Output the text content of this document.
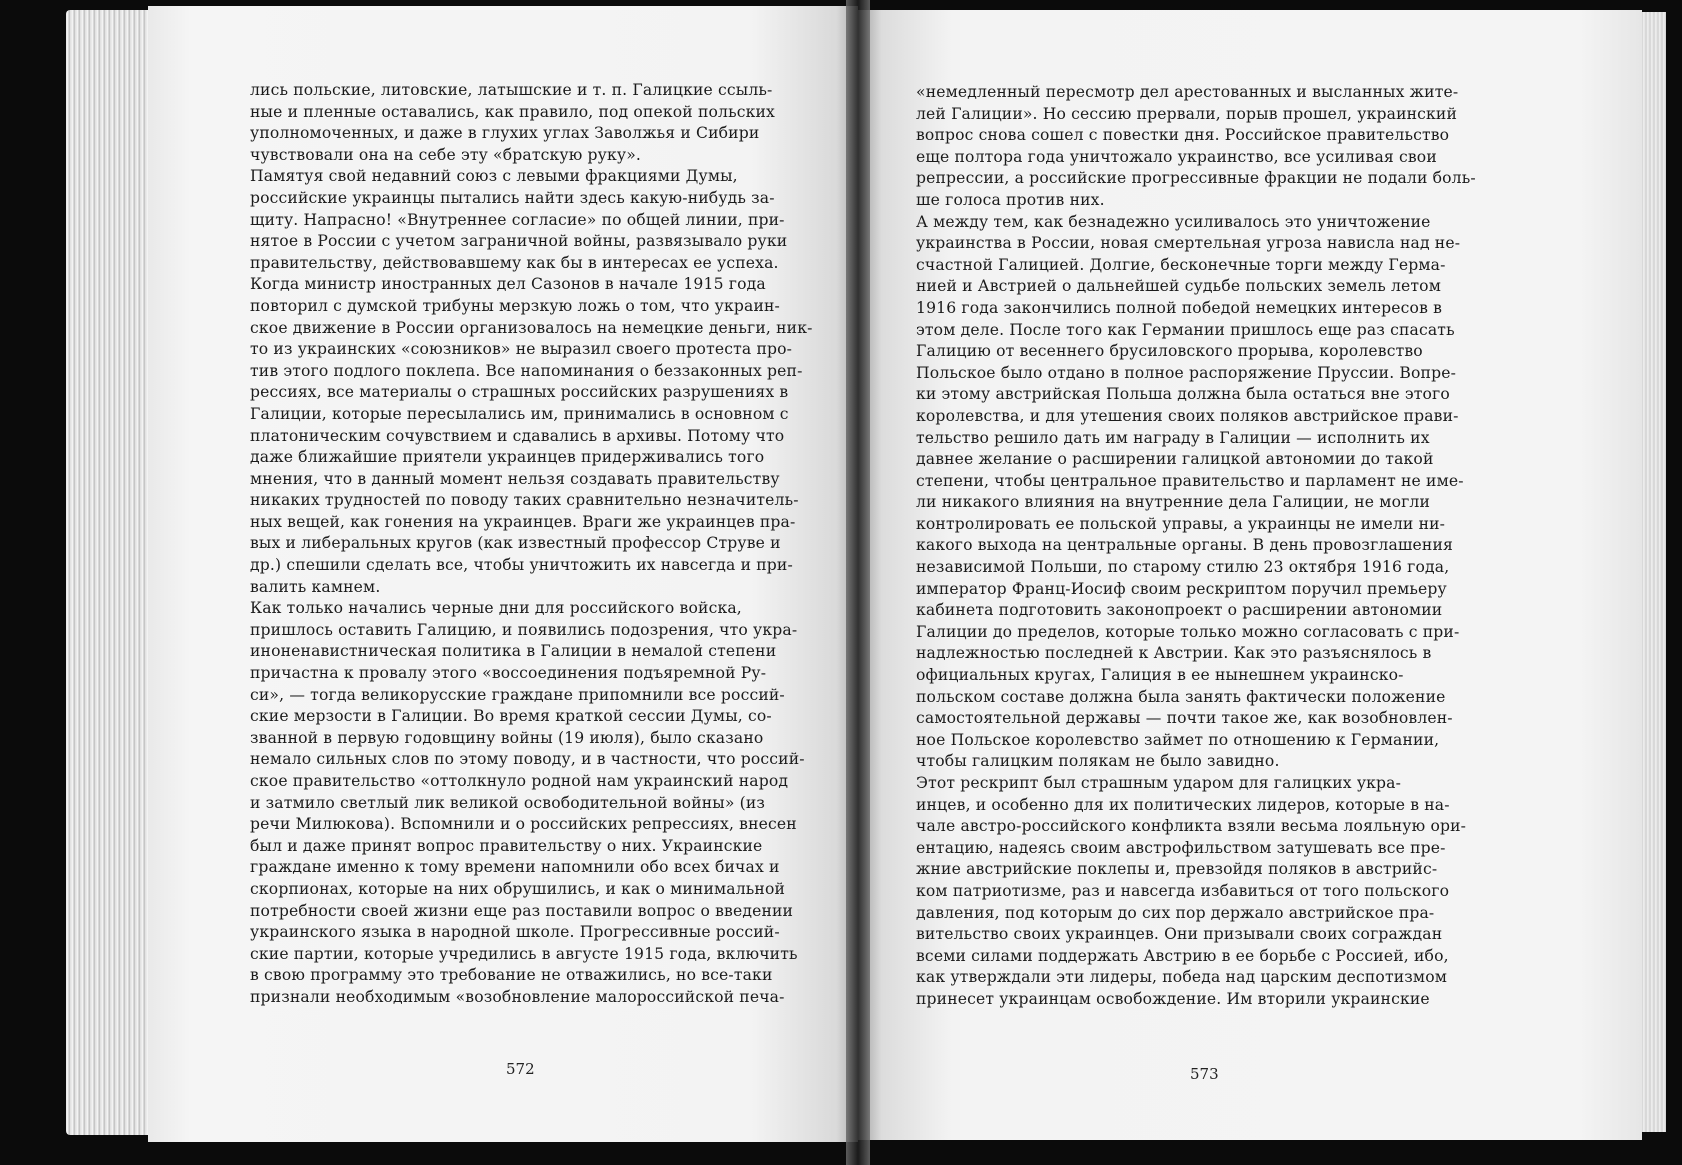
лись польские, литовские, латышские и т. п. Галицкие ссыль-
ные и пленные оставались, как правило, под опекой польских
уполномоченных, и даже в глухих углах Заволжья и Сибири
чувствовали она на себе эту «братскую руку».

Памятуя свой недавний союз с левыми фракциями Думы,
российские украинцы пытались найти здесь какую-нибудь за-
щиту. Напрасно! «Внутреннее согласие» по общей линии, при-
нятое в России с учетом заграничной войны, развязывало руки
правительству, действовавшему как бы в интересах ее успеха.
Когда министр иностранных дел Сазонов в начале 1915 года
повторил с думской трибуны мерзкую ложь о том, что украин-
ское движение в России организовалось на немецкие деньги, ник-
то из украинских «союзников» не выразил своего протеста про-
тив этого подлого поклепа. Все напоминания о беззаконных реп-
рессиях, все материалы о страшных российских разрушениях в
Галиции, которые пересылались им, принимались в основном с
платоническим сочувствием и сдавались в архивы. Потому что
даже ближайшие приятели украинцев придерживались того
мнения, что в данный момент нельзя создавать правительству
никаких трудностей по поводу таких сравнительно незначитель-
ных вещей, как гонения на украинцев. Враги же украинцев пра-
вых и либеральных кругов (как известный профессор Струве и
др.) спешили сделать все, чтобы уничтожить их навсегда и при-
валить камнем.

Как только начались черные дни для российского войска,
пришлось оставить Галицию, и появились подозрения, что укра-
иноненавистническая политика в Галиции в немалой степени
причастна к провалу этого «воссоединения подъяремной Ру-
си», — тогда великорусские граждане припомнили все россий-
ские мерзости в Галиции. Во время краткой сессии Думы, со-
званной в первую годовщину войны (19 июля), было сказано
немало сильных слов по этому поводу, и в частности, что россий-
ское правительство «оттолкнуло родной нам украинский народ
и затмило светлый лик великой освободительной войны» (из
речи Милюкова). Вспомнили и о российских репрессиях, внесен
был и даже принят вопрос правительству о них. Украинские
граждане именно к тому времени напомнили обо всех бичах и
скорпионах, которые на них обрушились, и как о минимальной
потребности своей жизни еще раз поставили вопрос о введении
украинского языка в народной школе. Прогрессивные россий-
ские партии, которые учредились в августе 1915 года, включить
в свою программу это требование не отважились, но все-таки
признали необходимым «возобновление малороссийской печа-

572

«немедленный пересмотр дел арестованных и высланных жите-
лей Галиции». Но сессию прервали, порыв прошел, украинский
вопрос снова сошел с повестки дня. Российское правительство
еще полтора года уничтожало украинство, все усиливая свои
репрессии, а российские прогрессивные фракции не подали боль-
ше голоса против них.

А между тем, как безнадежно усиливалось это уничтожение
украинства в России, новая смертельная угроза нависла над не-
счастной Галицией. Долгие, бесконечные торги между Герма-
нией и Австрией о дальнейшей судьбе польских земель летом
1916 года закончились полной победой немецких интересов в
этом деле. После того как Германии пришлось еще раз спасать
Галицию от весеннего брусиловского прорыва, королевство
Польское было отдано в полное распоряжение Пруссии. Вопре-
ки этому австрийская Польша должна была остаться вне этого
королевства, и для утешения своих поляков австрийское прави-
тельство решило дать им награду в Галиции — исполнить их
давнее желание о расширении галицкой автономии до такой
степени, чтобы центральное правительство и парламент не име-
ли никакого влияния на внутренние дела Галиции, не могли
контролировать ее польской управы, а украинцы не имели ни-
какого выхода на центральные органы. В день провозглашения
независимой Польши, по старому стилю 23 октября 1916 года,
император Франц-Иосиф своим рескриптом поручил премьеру
кабинета подготовить законопроект о расширении автономии
Галиции до пределов, которые только можно согласовать с при-
надлежностью последней к Австрии. Как это разъяснялось в
официальных кругах, Галиция в ее нынешнем украинско-
польском составе должна была занять фактически положение
самостоятельной державы — почти такое же, как возобновлен-
ное Польское королевство займет по отношению к Германии,
чтобы галицким полякам не было завидно.

Этот рескрипт был страшным ударом для галицких укра-
инцев, и особенно для их политических лидеров, которые в на-
чале австро-российского конфликта взяли весьма лояльную ори-
ентацию, надеясь своим австрофильством затушевать все пре-
жние австрийские поклепы и, превзойдя поляков в австрийс-
ком патриотизме, раз и навсегда избавиться от того польского
давления, под которым до сих пор держало австрийское пра-
вительство своих украинцев. Они призывали своих сограждан
всеми силами поддержать Австрию в ее борьбе с Россией, ибо,
как утверждали эти лидеры, победа над царским деспотизмом
принесет украинцам освобождение. Им вторили украинские

573
